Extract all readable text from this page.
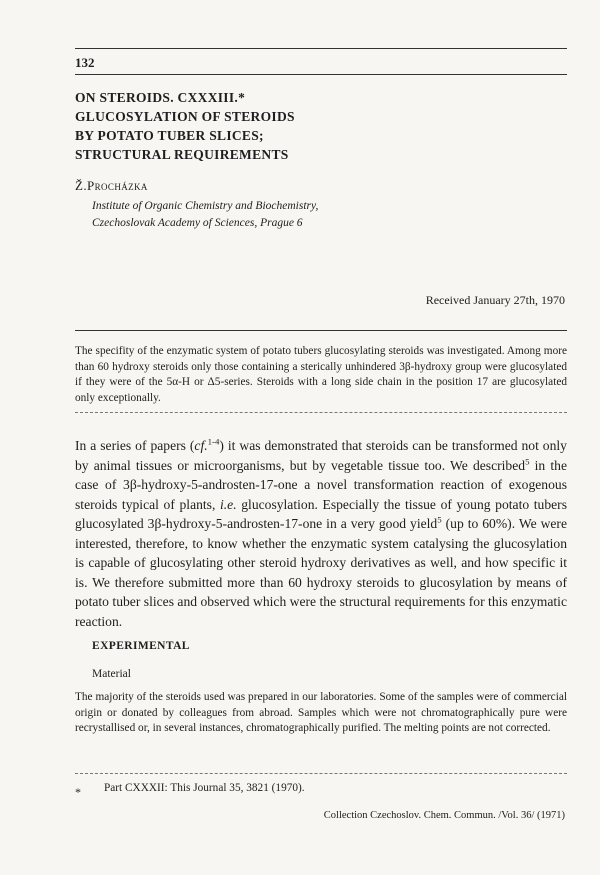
132
ON STEROIDS. CXXXIII.*
GLUCOSYLATION OF STEROIDS
BY POTATO TUBER SLICES;
STRUCTURAL REQUIREMENTS
Ž.Procházka
Institute of Organic Chemistry and Biochemistry,
Czechoslovak Academy of Sciences, Prague 6
Received January 27th, 1970
The specifity of the enzymatic system of potato tubers glucosylating steroids was investigated. Among more than 60 hydroxy steroids only those containing a sterically unhindered 3β-hydroxy group were glucosylated if they were of the 5α-H or Δ5-series. Steroids with a long side chain in the position 17 are glucosylated only exceptionally.
In a series of papers (cf.$^{1-4}$) it was demonstrated that steroids can be transformed not only by animal tissues or microorganisms, but by vegetable tissue too. We described$^5$ in the case of 3β-hydroxy-5-androsten-17-one a novel transformation reaction of exogenous steroids typical of plants, i.e. glucosylation. Especially the tissue of young potato tubers glucosylated 3β-hydroxy-5-androsten-17-one in a very good yield$^5$ (up to 60%). We were interested, therefore, to know whether the enzymatic system catalysing the glucosylation is capable of glucosylating other steroid hydroxy derivatives as well, and how specific it is. We therefore submitted more than 60 hydroxy steroids to glucosylation by means of potato tuber slices and observed which were the structural requirements for this enzymatic reaction.
EXPERIMENTAL
Material
The majority of the steroids used was prepared in our laboratories. Some of the samples were of commercial origin or donated by colleagues from abroad. Samples which were not chromatographically pure were recrystallised or, in several instances, chromatographically purified. The melting points are not corrected.
* Part CXXXII: This Journal 35, 3821 (1970).
Collection Czechoslov. Chem. Commun. /Vol. 36/ (1971)
